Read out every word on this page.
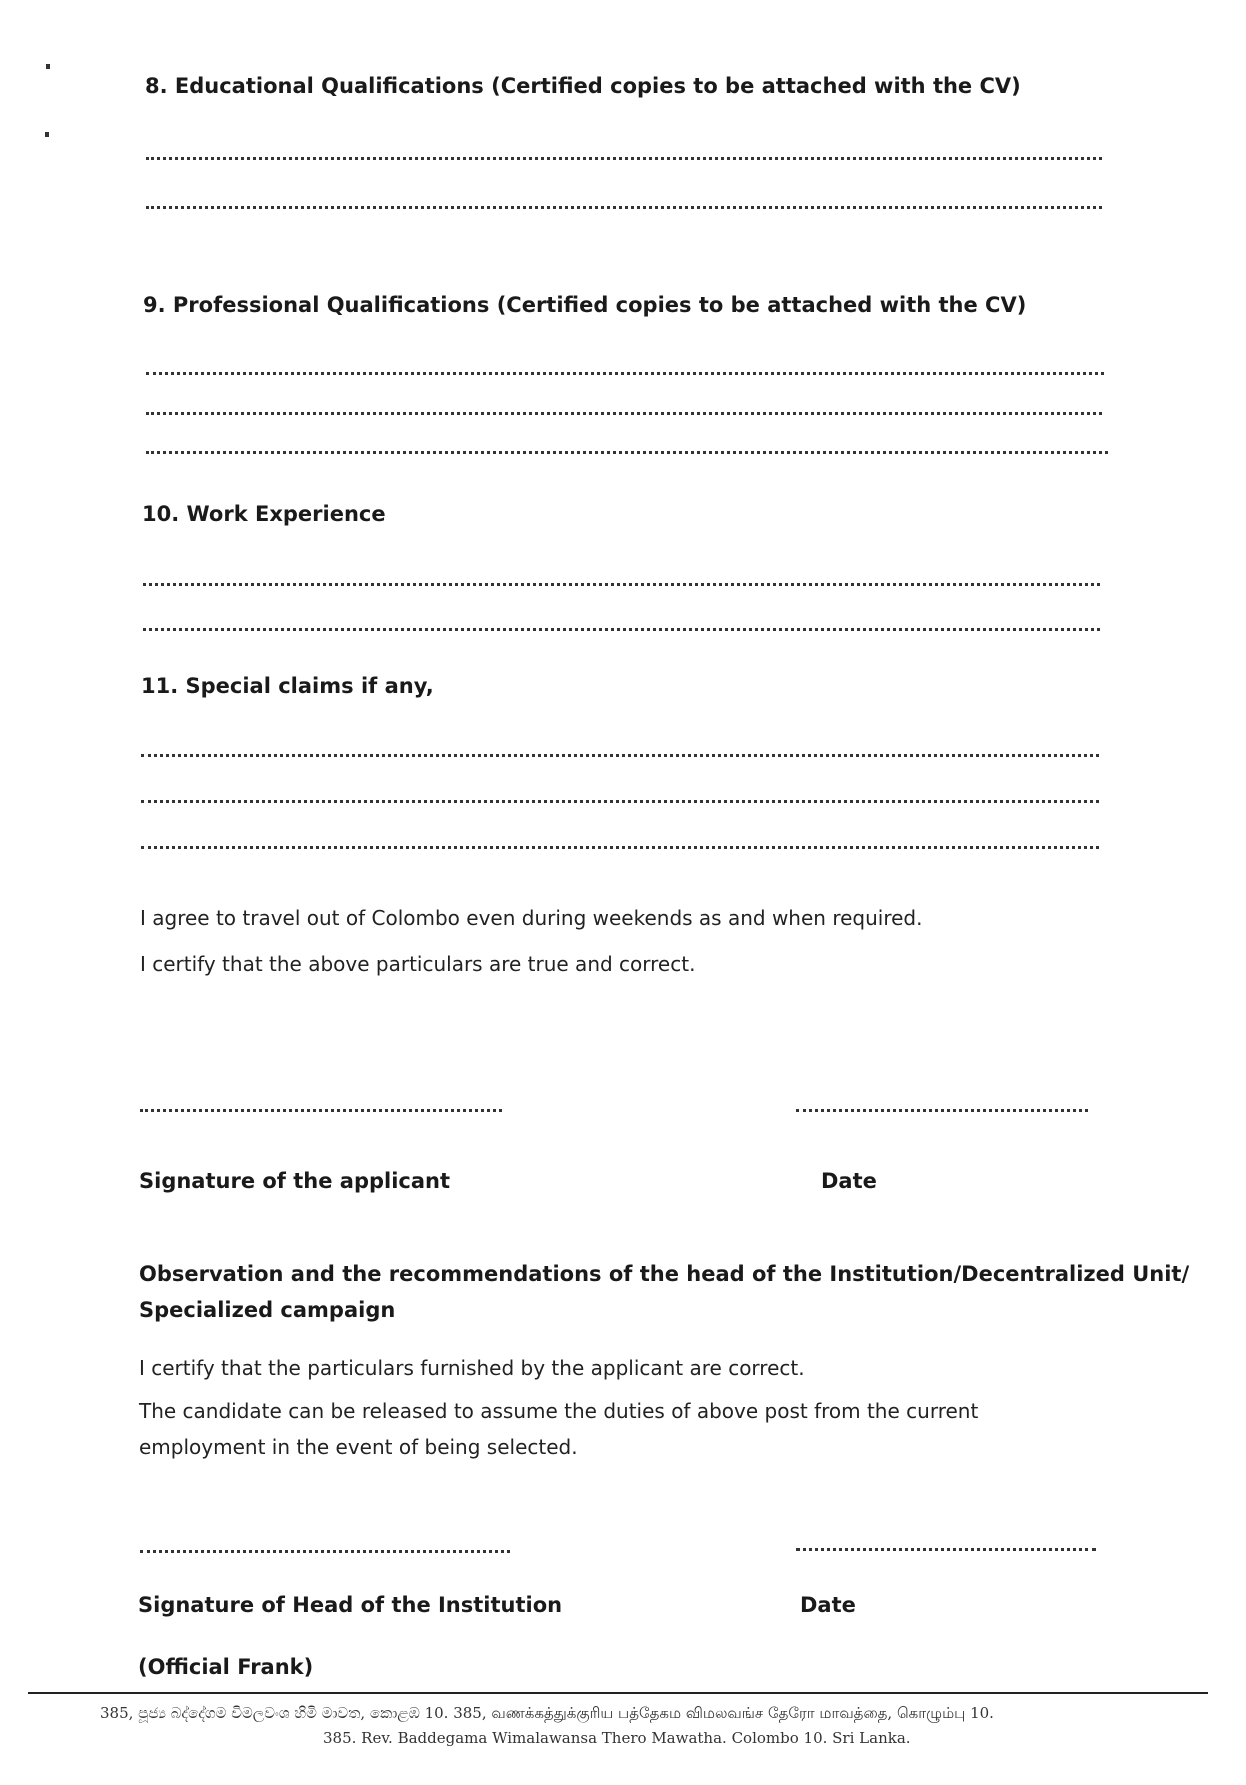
8. Educational Qualifications (Certified copies to be attached with the CV)
9. Professional Qualifications (Certified copies to be attached with the CV)
10. Work Experience
11. Special claims if any,
I agree to travel out of Colombo even during weekends as and when required.
I certify that the above particulars are true and correct.
Signature of the applicant	Date
Observation and the recommendations of the head of the Institution/Decentralized Unit/
Specialized campaign
I certify that the particulars furnished by the applicant are correct.
The candidate can be released to assume the duties of above post from the current
employment in the event of being selected.
Signature of Head of the Institution	Date
(Official Frank)
385, පූජ්‍ය බද්දේගම විමලවංශ හිමි මාවත, කොළඹ 10. 385, வணக்கத்துக்குரிய பத்தேகம விமலவங்ச தேரோ மாவத்தை, கொழும்பு 10.
385. Rev. Baddegama Wimalawansa Thero Mawatha. Colombo 10. Sri Lanka.
